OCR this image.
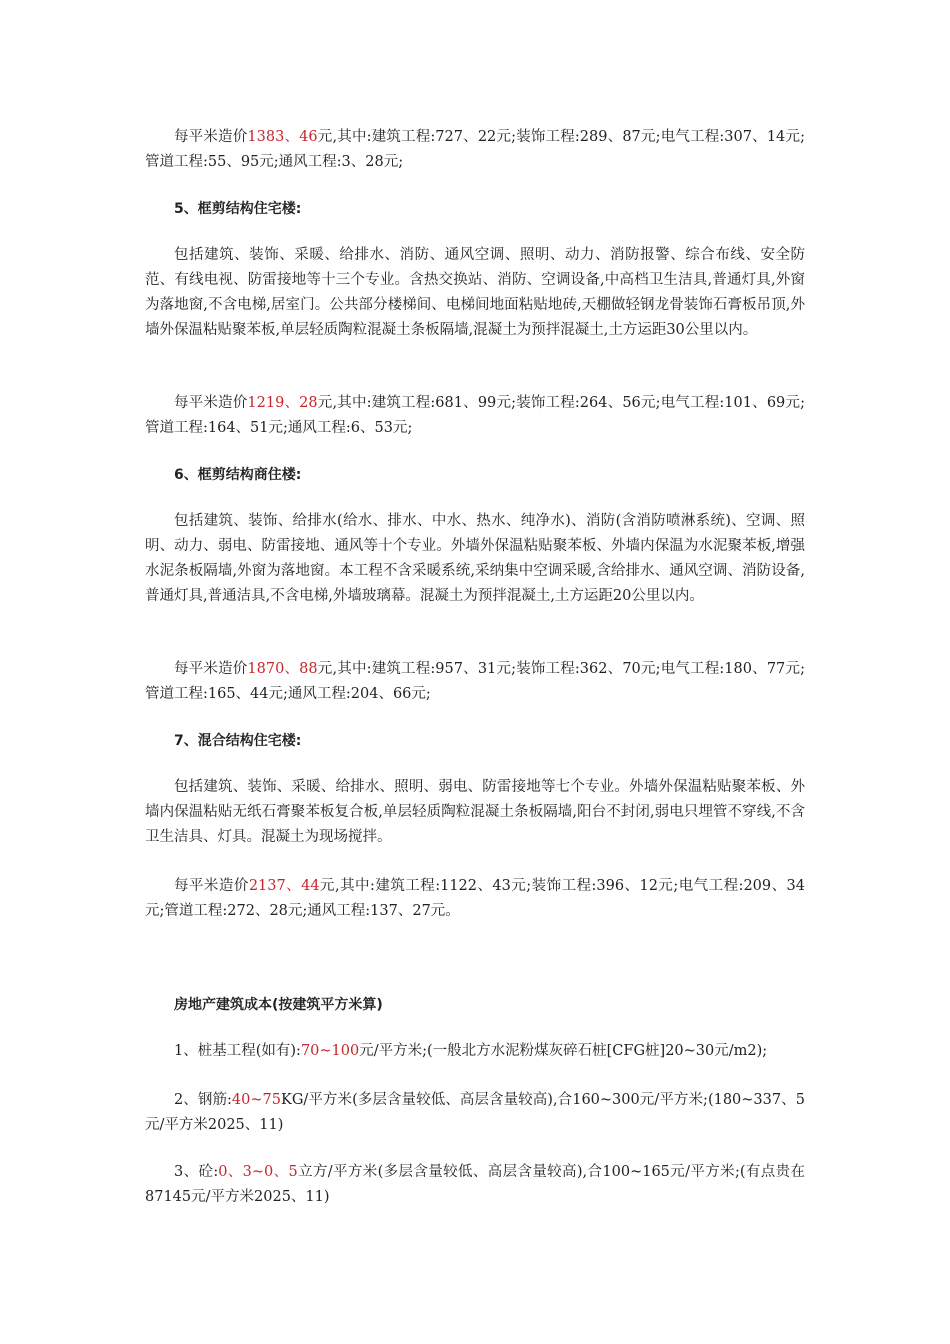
每平米造价1383、46元,其中:建筑工程:727、22元;装饰工程:289、87元;电气工程:307、14元;管道工程:55、95元;通风工程:3、28元;

5、框剪结构住宅楼:

包括建筑、装饰、采暖、给排水、消防、通风空调、照明、动力、消防报警、综合布线、安全防范、有线电视、防雷接地等十三个专业。含热交换站、消防、空调设备,中高档卫生洁具,普通灯具,外窗为落地窗,不含电梯,居室门。公共部分楼梯间、电梯间地面粘贴地砖,天棚做轻钢龙骨装饰石膏板吊顶,外墙外保温粘贴聚苯板,单层轻质陶粒混凝土条板隔墙,混凝土为预拌混凝土,土方运距30公里以内。

每平米造价1219、28元,其中:建筑工程:681、99元;装饰工程:264、56元;电气工程:101、69元;管道工程:164、51元;通风工程:6、53元;

6、框剪结构商住楼:

包括建筑、装饰、给排水(给水、排水、中水、热水、纯净水)、消防(含消防喷淋系统)、空调、照明、动力、弱电、防雷接地、通风等十个专业。外墙外保温粘贴聚苯板、外墙内保温为水泥聚苯板,增强水泥条板隔墙,外窗为落地窗。本工程不含采暖系统,采纳集中空调采暖,含给排水、通风空调、消防设备,普通灯具,普通洁具,不含电梯,外墙玻璃幕。混凝土为预拌混凝土,土方运距20公里以内。

每平米造价1870、88元,其中:建筑工程:957、31元;装饰工程:362、70元;电气工程:180、77元;管道工程:165、44元;通风工程:204、66元;

7、混合结构住宅楼:

包括建筑、装饰、采暖、给排水、照明、弱电、防雷接地等七个专业。外墙外保温粘贴聚苯板、外墙内保温粘贴无纸石膏聚苯板复合板,单层轻质陶粒混凝土条板隔墙,阳台不封闭,弱电只埋管不穿线,不含卫生洁具、灯具。混凝土为现场搅拌。

每平米造价2137、44元,其中:建筑工程:1122、43元;装饰工程:396、12元;电气工程:209、34元;管道工程:272、28元;通风工程:137、27元。

房地产建筑成本(按建筑平方米算)

1、桩基工程(如有):70~100元/平方米;(一般北方水泥粉煤灰碎石桩[CFG桩]20~30元/m2);

2、钢筋:40~75KG/平方米(多层含量较低、高层含量较高),合160~300元/平方米;(180~337、5元/平方米2025、11)

3、砼:0、3~0、5立方/平方米(多层含量较低、高层含量较高),合100~165元/平方米;(有点贵在87145元/平方米2025、11)
